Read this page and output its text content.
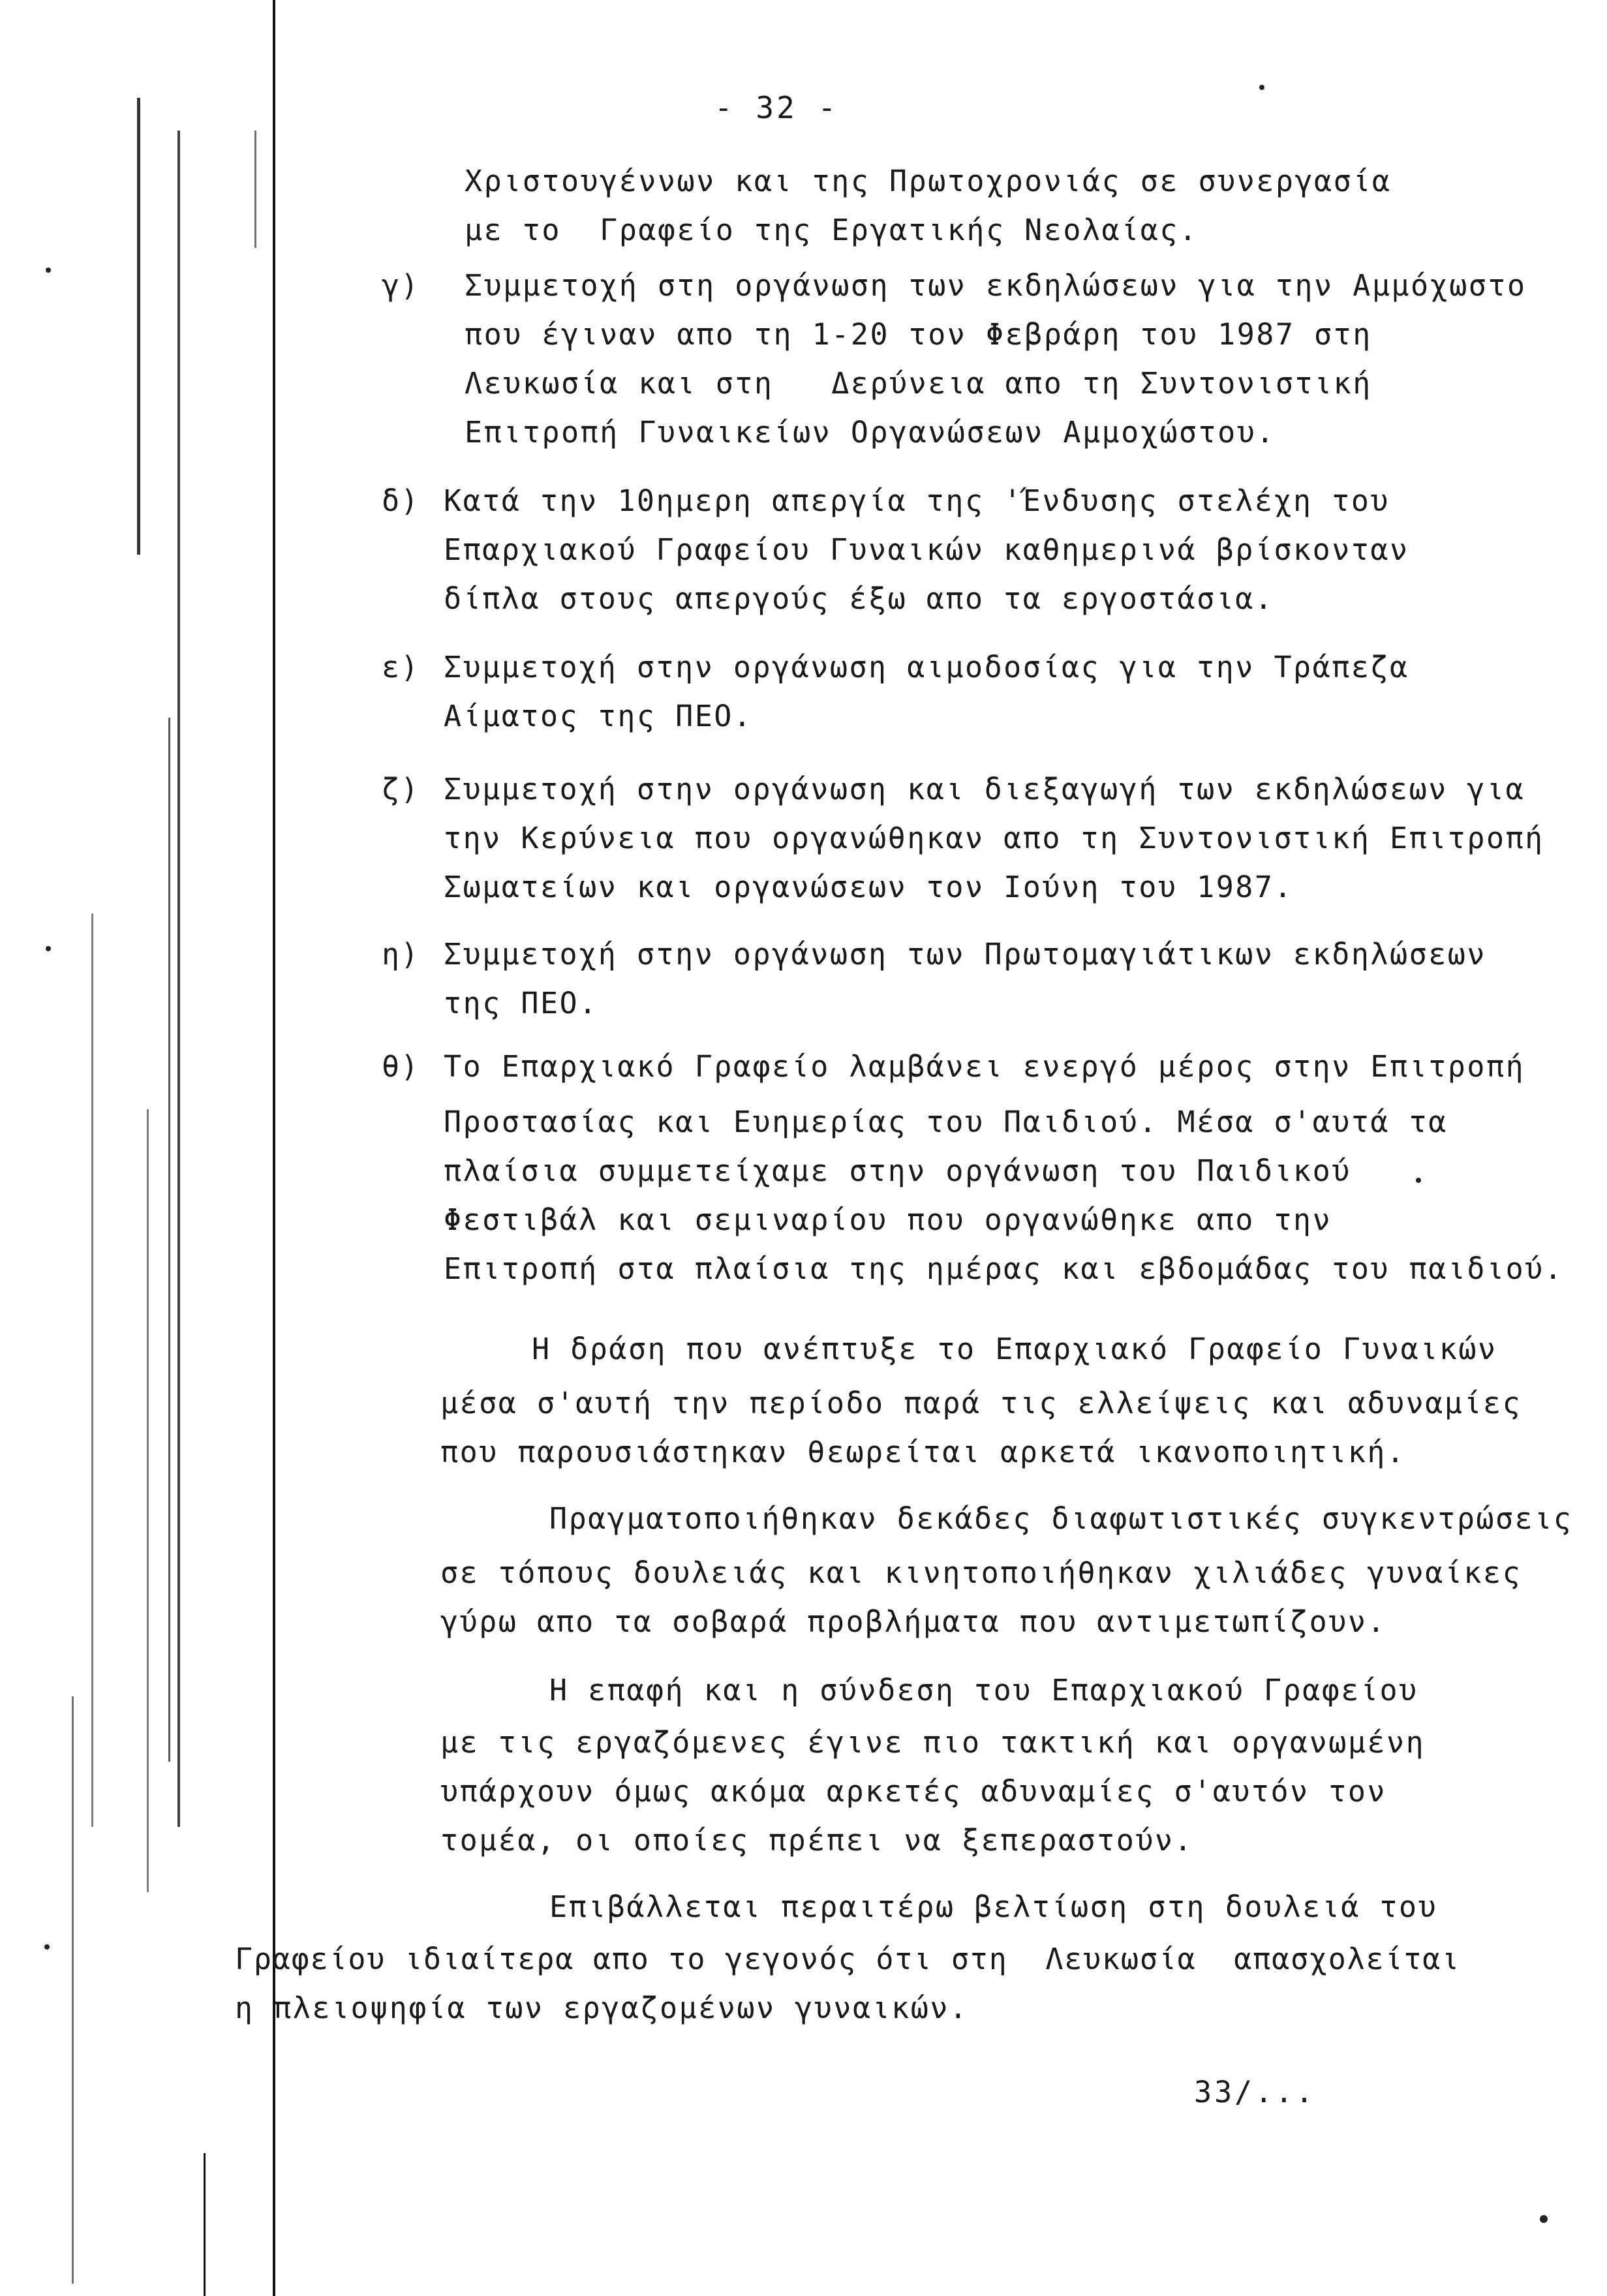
- 32 -
Χριστουγέννων και της Πρωτοχρονιάς σε συνεργασία
με το  Γραφείο της Εργατικής Νεολαίας.
γ) Συμμετοχή στη οργάνωση των εκδηλώσεων για την Αμμόχωστο
που έγιναν απο τη 1-20 τον Φεβράρη του 1987 στη
Λευκωσία και στη   Δερύνεια απο τη Συντονιστική
Επιτροπή Γυναικείων Οργανώσεων Αμμοχώστου.
δ) Κατά την 10ημερη απεργία της 'Ένδυσης στελέχη του
Επαρχιακού Γραφείου Γυναικών καθημερινά βρίσκονταν
δίπλα στους απεργούς έξω απο τα εργοστάσια.
ε) Συμμετοχή στην οργάνωση αιμοδοσίας για την Τράπεζα
Αίματος της ΠΕΟ.
ζ) Συμμετοχή στην οργάνωση και διεξαγωγή των εκδηλώσεων για
την Κερύνεια που οργανώθηκαν απο τη Συντονιστική Επιτροπή
Σωματείων και οργανώσεων τον Ιούνη του 1987.
η) Συμμετοχή στην οργάνωση των Πρωτομαγιάτικων εκδηλώσεων
της ΠΕΟ.
θ) Το Επαρχιακό Γραφείο λαμβάνει ενεργό μέρος στην Επιτροπή
Προστασίας και Ευημερίας του Παιδιού. Μέσα σ'αυτά τα
πλαίσια συμμετείχαμε στην οργάνωση του Παιδικού
Φεστιβάλ και σεμιναρίου που οργανώθηκε απο την
Επιτροπή στα πλαίσια της ημέρας και εβδομάδας του παιδιού.
Η δράση που ανέπτυξε το Επαρχιακό Γραφείο Γυναικών
μέσα σ'αυτή την περίοδο παρά τις ελλείψεις και αδυναμίες
που παρουσιάστηκαν θεωρείται αρκετά ικανοποιητική.
Πραγματοποιήθηκαν δεκάδες διαφωτιστικές συγκεντρώσεις
σε τόπους δουλειάς και κινητοποιήθηκαν χιλιάδες γυναίκες
γύρω απο τα σοβαρά προβλήματα που αντιμετωπίζουν.
Η επαφή και η σύνδεση του Επαρχιακού Γραφείου
με τις εργαζόμενες έγινε πιο τακτική και οργανωμένη
υπάρχουν όμως ακόμα αρκετές αδυναμίες σ'αυτόν τον
τομέα, οι οποίες πρέπει να ξεπεραστούν.
Επιβάλλεται περαιτέρω βελτίωση στη δουλειά του
Γραφείου ιδιαίτερα απο το γεγονός ότι στη  Λευκωσία  απασχολείται
η πλειοψηφία των εργαζομένων γυναικών.
33/...
